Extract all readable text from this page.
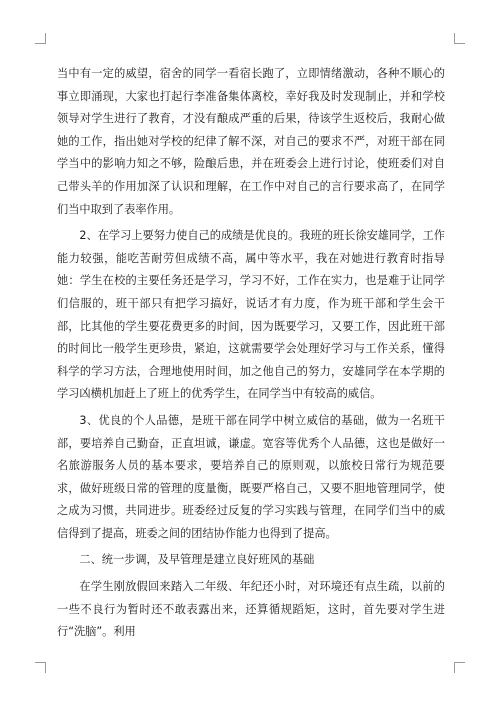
当中有一定的威望，宿舍的同学一看宿长跑了，立即情绪激动，各种不顺心的事立即涌现，大家也打起行李准备集体离校，幸好我及时发现制止，并和学校领导对学生进行了教育，才没有酿成严重的后果，待该学生返校后，我耐心做她的工作，指出她对学校的纪律了解不深，对自己的要求不严，对班干部在同学当中的影响力知之不够，险酿后患，并在班委会上进行讨论，使班委们对自己带头羊的作用加深了认识和理解，在工作中对自己的言行要求高了，在同学们当中取到了表率作用。

2、在学习上要努力使自己的成绩是优良的。我班的班长徐安雄同学，工作能力较强，能吃苦耐劳但成绩不高，属中等水平，我在对她进行教育时指导她：学生在校的主要任务还是学习，学习不好，工作在实力，也是难于让同学们信服的，班干部只有把学习搞好，说话才有力度，作为班干部和学生会干部，比其他的学生要花费更多的时间，因为既要学习，又要工作，因此班干部的时间比一般学生更珍贵，紧迫，这就需要学会处理好学习与工作关系，懂得科学的学习方法，合理地使用时间，加之他自己的努力，安雄同学在本学期的学习凶横机加赶上了班上的优秀学生，在同学当中有较高的威信。

3、优良的个人品德，是班干部在同学中树立威信的基础，做为一名班干部，要培养自己勤奋，正直坦诚，谦虚。宽容等优秀个人品德，这也是做好一名旅游服务人员的基本要求，要培养自己的原则观，以旅校日常行为规范要求，做好班级日常的管理的度量衡，既要严格自己，又要不胆地管理同学，使之成为习惯，共同进步。班委经过反复的学习实践与管理，在同学们当中的威信得到了提高，班委之间的团结协作能力也得到了提高。

二、统一步调，及早管理是建立良好班风的基础

在学生刚放假回来踏入二年级、年纪还小时，对环境还有点生疏，以前的一些不良行为暂时还不敢表露出来，还算循规蹈矩，这时，首先要对学生进行“洗脑”。利用
